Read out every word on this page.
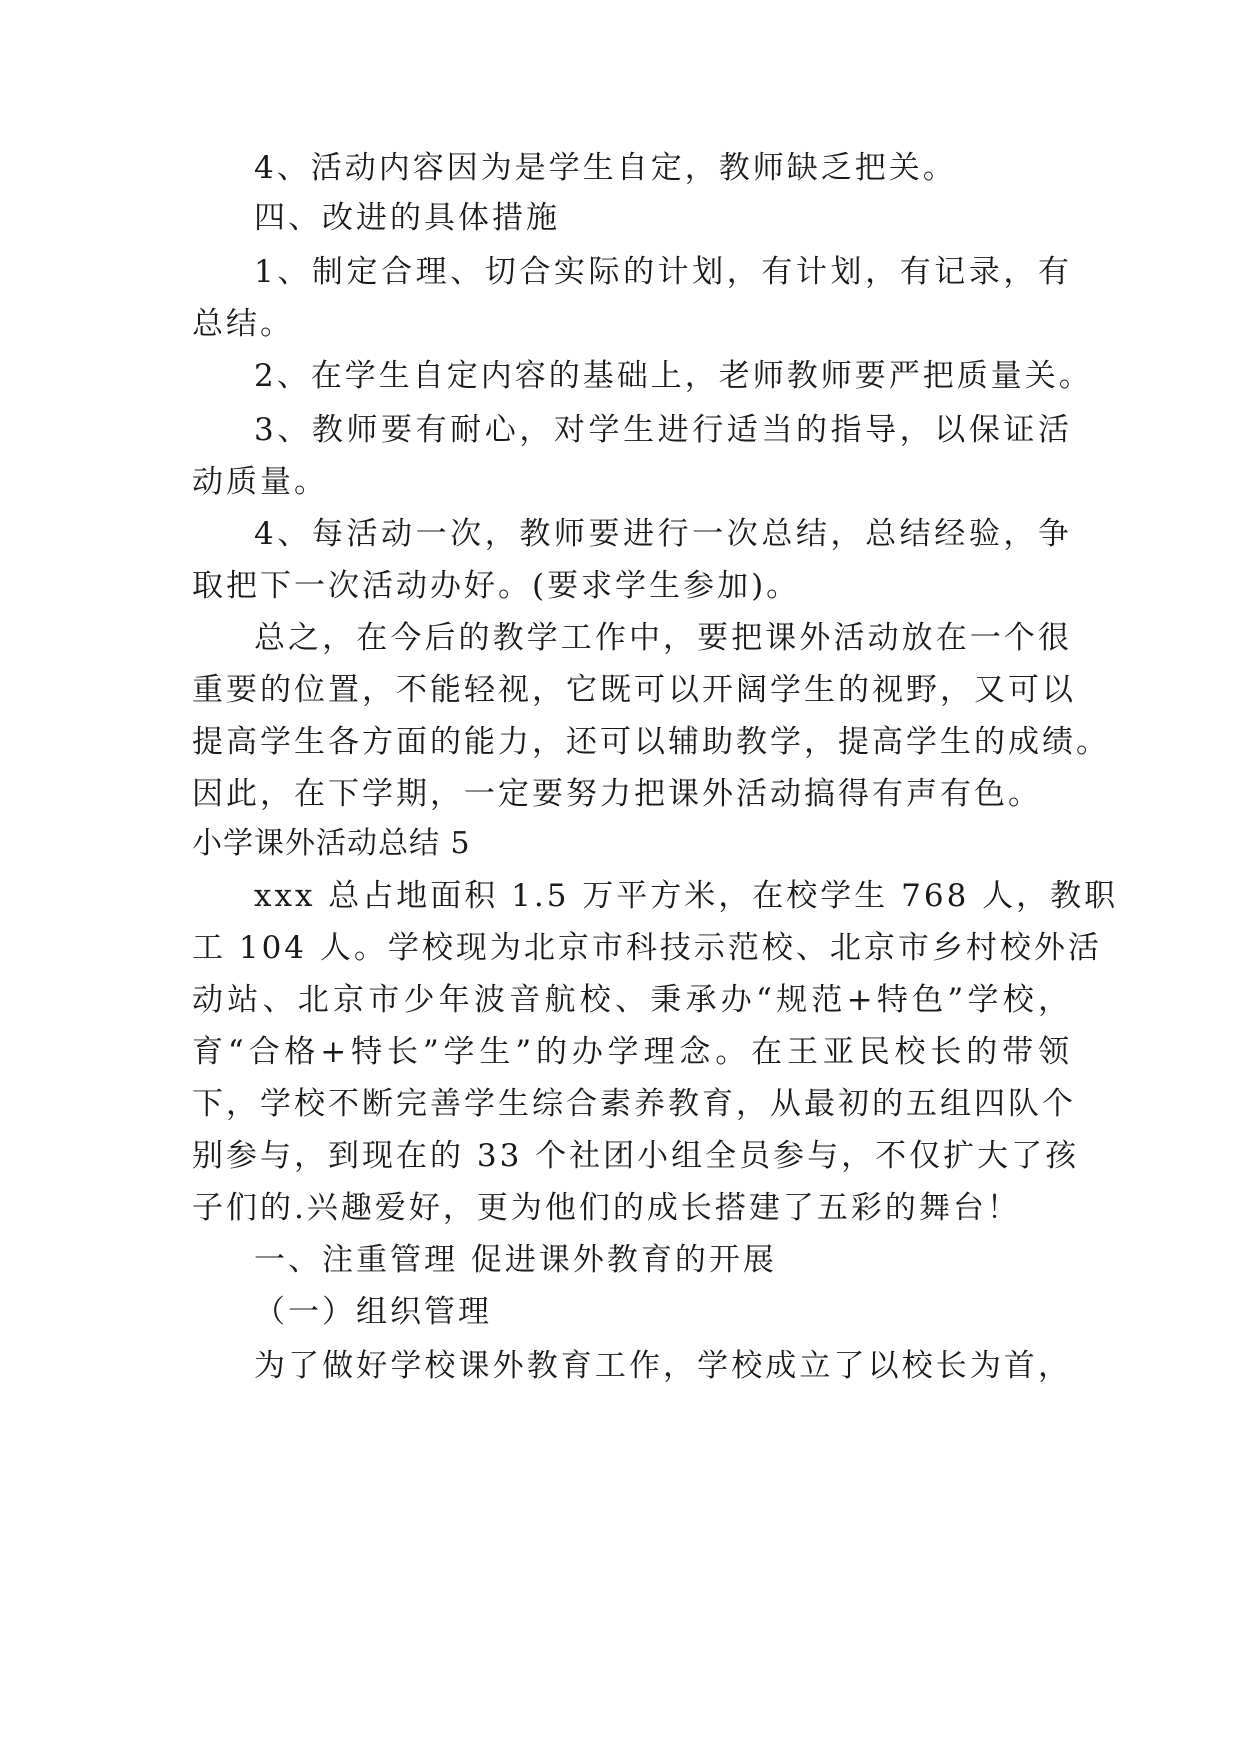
4、活动内容因为是学生自定，教师缺乏把关。
四、改进的具体措施
1、制定合理、切合实际的计划，有计划，有记录，有
总结。
2、在学生自定内容的基础上，老师教师要严把质量关。
3、教师要有耐心，对学生进行适当的指导，以保证活
动质量。
4、每活动一次，教师要进行一次总结，总结经验，争
取把下一次活动办好。(要求学生参加)。
总之，在今后的教学工作中，要把课外活动放在一个很
重要的位置，不能轻视，它既可以开阔学生的视野，又可以
提高学生各方面的能力，还可以辅助教学，提高学生的成绩。
因此，在下学期，一定要努力把课外活动搞得有声有色。
小学课外活动总结 5
xxx 总占地面积 1.5 万平方米，在校学生 768 人，教职
工 104 人。学校现为北京市科技示范校、北京市乡村校外活
动站、北京市少年波音航校、秉承办“规范+特色”学校，
育“合格+特长”学生”的办学理念。在王亚民校长的带领
下，学校不断完善学生综合素养教育，从最初的五组四队个
别参与，到现在的 33 个社团小组全员参与，不仅扩大了孩
子们的.兴趣爱好，更为他们的成长搭建了五彩的舞台！
一、注重管理 促进课外教育的开展
（一）组织管理
为了做好学校课外教育工作，学校成立了以校长为首，
